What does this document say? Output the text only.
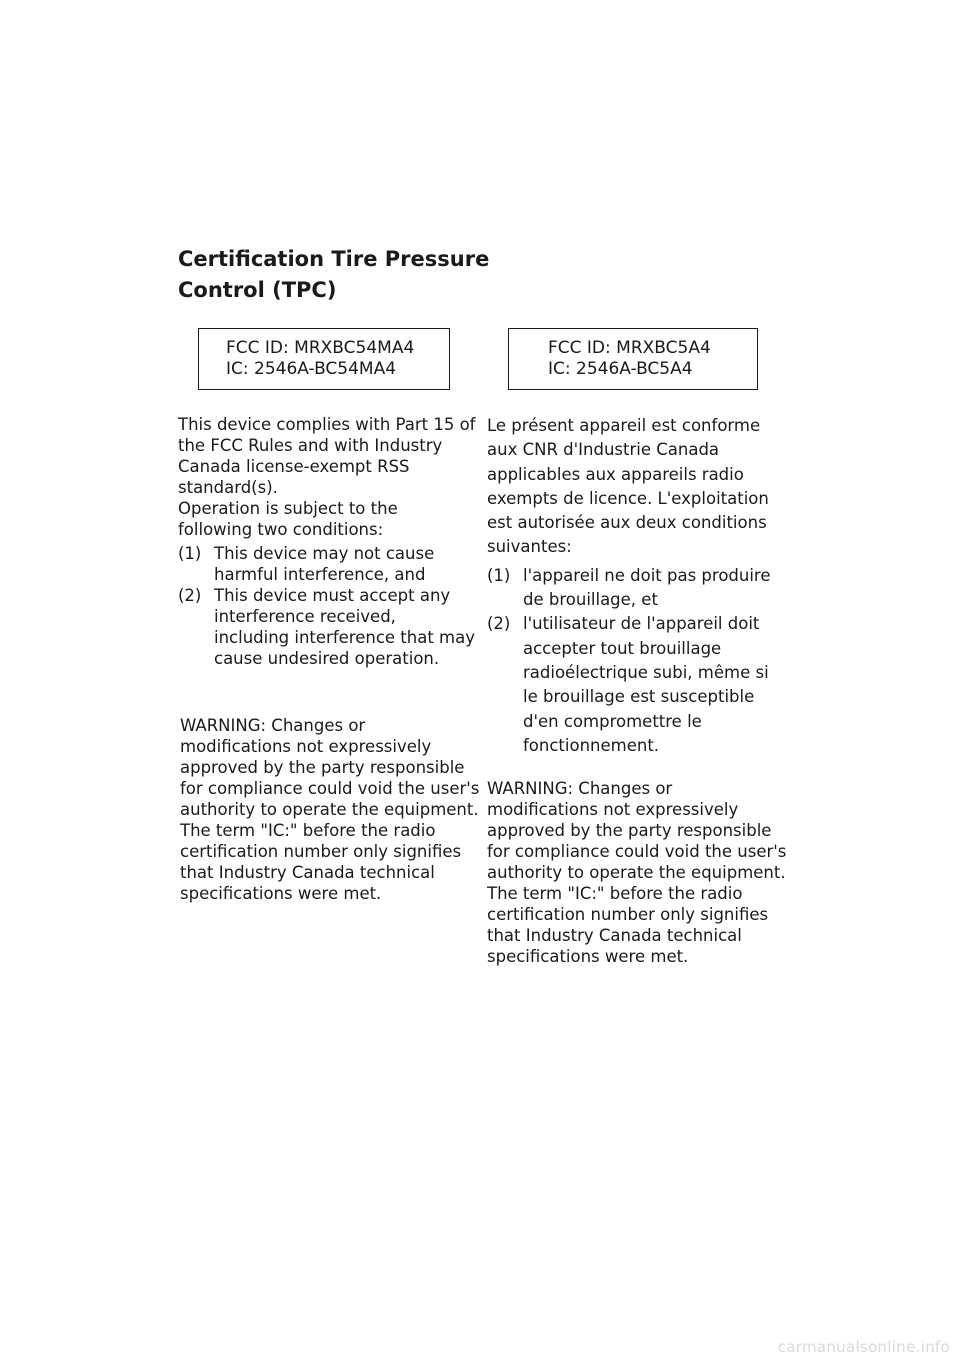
Certification Tire Pressure
Control (TPC)
FCC ID: MRXBC54MA4
IC: 2546A-BC54MA4
FCC ID: MRXBC5A4
IC: 2546A-BC5A4

This device complies with Part 15 of the FCC Rules and with Industry Canada license-exempt RSS standard(s).

Operation is subject to the following two conditions:

(1) This device may not cause harmful interference, and
(2) This device must accept any interference received, including interference that may cause undesired operation.

WARNING: Changes or modifications not expressively approved by the party responsible for compliance could void the user's authority to operate the equipment. The term "IC:" before the radio certification number only signifies that Industry Canada technical specifications were met.

Le présent appareil est conforme aux CNR d'Industrie Canada applicables aux appareils radio exempts de licence. L'exploitation est autorisée aux deux conditions suivantes:

(1) l'appareil ne doit pas produire de brouillage, et
(2) l'utilisateur de l'appareil doit accepter tout brouillage radioélectrique subi, même si le brouillage est susceptible d'en compromettre le fonctionnement.

WARNING: Changes or modifications not expressively approved by the party responsible for compliance could void the user's authority to operate the equipment. The term "IC:" before the radio certification number only signifies that Industry Canada technical specifications were met.

carmanualsonline.info
